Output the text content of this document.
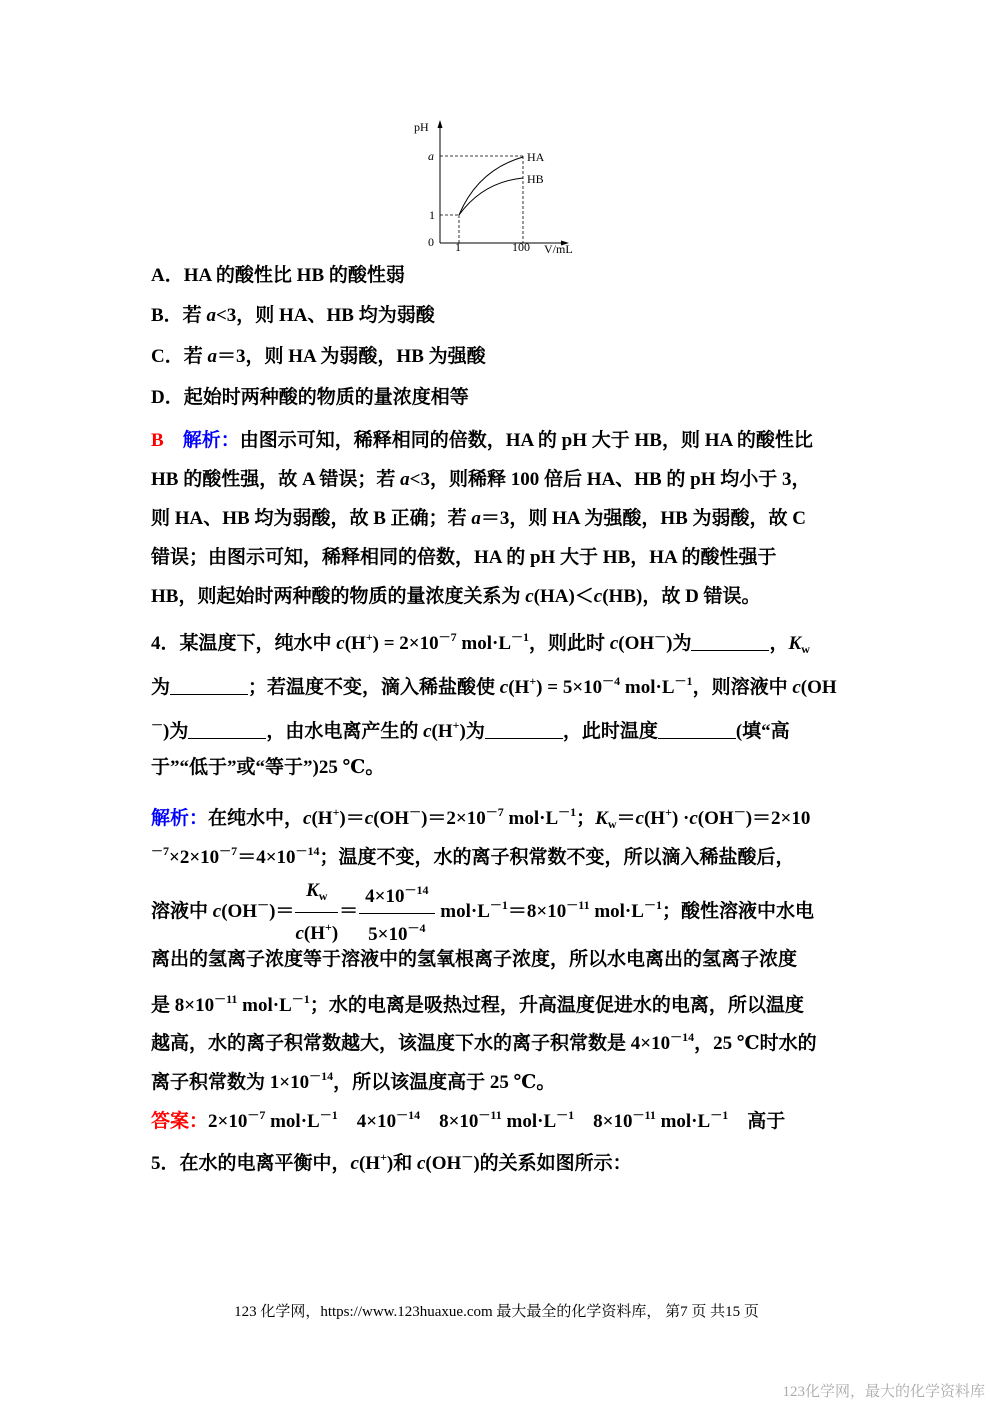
pH
a
1
0 1	100 V/mL
HA
HB
A．HA 的酸性比 HB 的酸性弱
B．若 a<3，则 HA、HB 均为弱酸
C．若 a＝3，则 HA 为弱酸，HB 为强酸
D．起始时两种酸的物质的量浓度相等
B　解析：由图示可知，稀释相同的倍数，HA 的 pH 大于 HB，则 HA 的酸性比
HB 的酸性强，故 A 错误；若 a<3，则稀释 100 倍后 HA、HB 的 pH 均小于 3，
则 HA、HB 均为弱酸，故 B 正确；若 a＝3，则 HA 为强酸，HB 为弱酸，故 C
错误；由图示可知，稀释相同的倍数，HA 的 pH 大于 HB，HA 的酸性强于
HB，则起始时两种酸的物质的量浓度关系为 c(HA)＜c(HB)，故 D 错误。
4．某温度下，纯水中 $c(H^+) = 2\times 10^{-7}$ $mol\cdot L^{-1}$，则此时 c(OH－)为	，$K_w$
为	；若温度不变，滴入稀盐酸使 $c(H^+) = 5\times 10^{-4}$ $mol\cdot L^{-1}$，则溶液中 c(OH
－)为	，由水电离产生的 c(H+)为	，此时温度	(填“高
于”“低于”或“等于”)25 ℃。
解析：在纯水中，$c(H^+)=c(OH^-)=2\times 10^{-7}$ $mol\cdot L^{-1}$；$K_w=c(H^+) \cdot c(OH^-)=2\times 10$
$^{-7}\times 2\times 10^{-7}=4\times 10^{-14}$；温度不变，水的离子积常数不变，所以滴入稀盐酸后，
离出的氢离子浓度等于溶液中的氢氧根离子浓度，所以水电离出的氢离子浓度
是 $8\times 10^{-11}$ $mol\cdot L^{-1}$；水的电离是吸热过程，升高温度促进水的电离，所以温度
越高，水的离子积常数越大，该温度下水的离子积常数是 $4\times 10^{-14}$，25 ℃时水的
离子积常数为 $1\times 10^{-14}$，所以该温度高于 25 ℃。
答案：$2\times 10^{-7}$ $mol\cdot L^{-1}$　$4\times 10^{-14}$　$8\times 10^{-11}$ $mol\cdot L^{-1}$　$8\times 10^{-11}$ $mol\cdot L^{-1}$　高于
5．在水的电离平衡中，c(H+)和 c(OH－)的关系如图所示：
溶液中 $c(OH^-)= \frac{K_w}{c(H^+)} = \frac{4\times 10^{-14}}{5\times 10^{-4}} mol\cdot L^{-1}=8\times 10^{-11}$ $mol\cdot L^{-1}$；酸性溶液中水电
123 化学网，https://www.123huaxue.com 最大最全的化学资料库， 第7 页 共15 页
123化学网，最大的化学资料库
